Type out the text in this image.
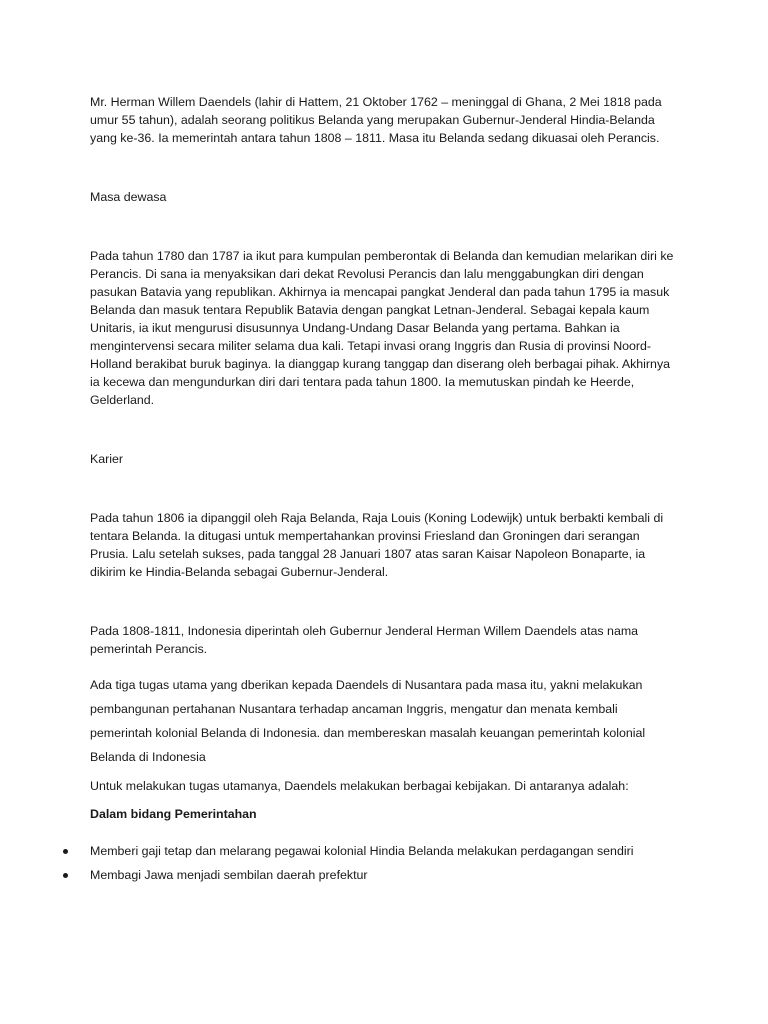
Mr. Herman Willem Daendels (lahir di Hattem, 21 Oktober 1762 – meninggal di Ghana, 2 Mei 1818 pada umur 55 tahun), adalah seorang politikus Belanda yang merupakan Gubernur-Jenderal Hindia-Belanda yang ke-36. Ia memerintah antara tahun 1808 – 1811. Masa itu Belanda sedang dikuasai oleh Perancis.

Masa dewasa

Pada tahun 1780 dan 1787 ia ikut para kumpulan pemberontak di Belanda dan kemudian melarikan diri ke Perancis. Di sana ia menyaksikan dari dekat Revolusi Perancis dan lalu menggabungkan diri dengan pasukan Batavia yang republikan. Akhirnya ia mencapai pangkat Jenderal dan pada tahun 1795 ia masuk Belanda dan masuk tentara Republik Batavia dengan pangkat Letnan-Jenderal. Sebagai kepala kaum Unitaris, ia ikut mengurusi disusunnya Undang-Undang Dasar Belanda yang pertama. Bahkan ia mengintervensi secara militer selama dua kali. Tetapi invasi orang Inggris dan Rusia di provinsi Noord-Holland berakibat buruk baginya. Ia dianggap kurang tanggap dan diserang oleh berbagai pihak. Akhirnya ia kecewa dan mengundurkan diri dari tentara pada tahun 1800. Ia memutuskan pindah ke Heerde, Gelderland.

Karier

Pada tahun 1806 ia dipanggil oleh Raja Belanda, Raja Louis (Koning Lodewijk) untuk berbakti kembali di tentara Belanda. Ia ditugasi untuk mempertahankan provinsi Friesland dan Groningen dari serangan Prusia. Lalu setelah sukses, pada tanggal 28 Januari 1807 atas saran Kaisar Napoleon Bonaparte, ia dikirim ke Hindia-Belanda sebagai Gubernur-Jenderal.

Pada 1808-1811, Indonesia diperintah oleh Gubernur Jenderal Herman Willem Daendels atas nama pemerintah Perancis.

Ada tiga tugas utama yang dberikan kepada Daendels di Nusantara pada masa itu, yakni melakukan pembangunan pertahanan Nusantara terhadap ancaman Inggris, mengatur dan menata kembali pemerintah kolonial Belanda di Indonesia. dan membereskan masalah keuangan pemerintah kolonial Belanda di Indonesia

Untuk melakukan tugas utamanya, Daendels melakukan berbagai kebijakan. Di antaranya adalah:

Dalam bidang Pemerintahan

Memberi gaji tetap dan melarang pegawai kolonial Hindia Belanda melakukan perdagangan sendiri
Membagi Jawa menjadi sembilan daerah prefektur
